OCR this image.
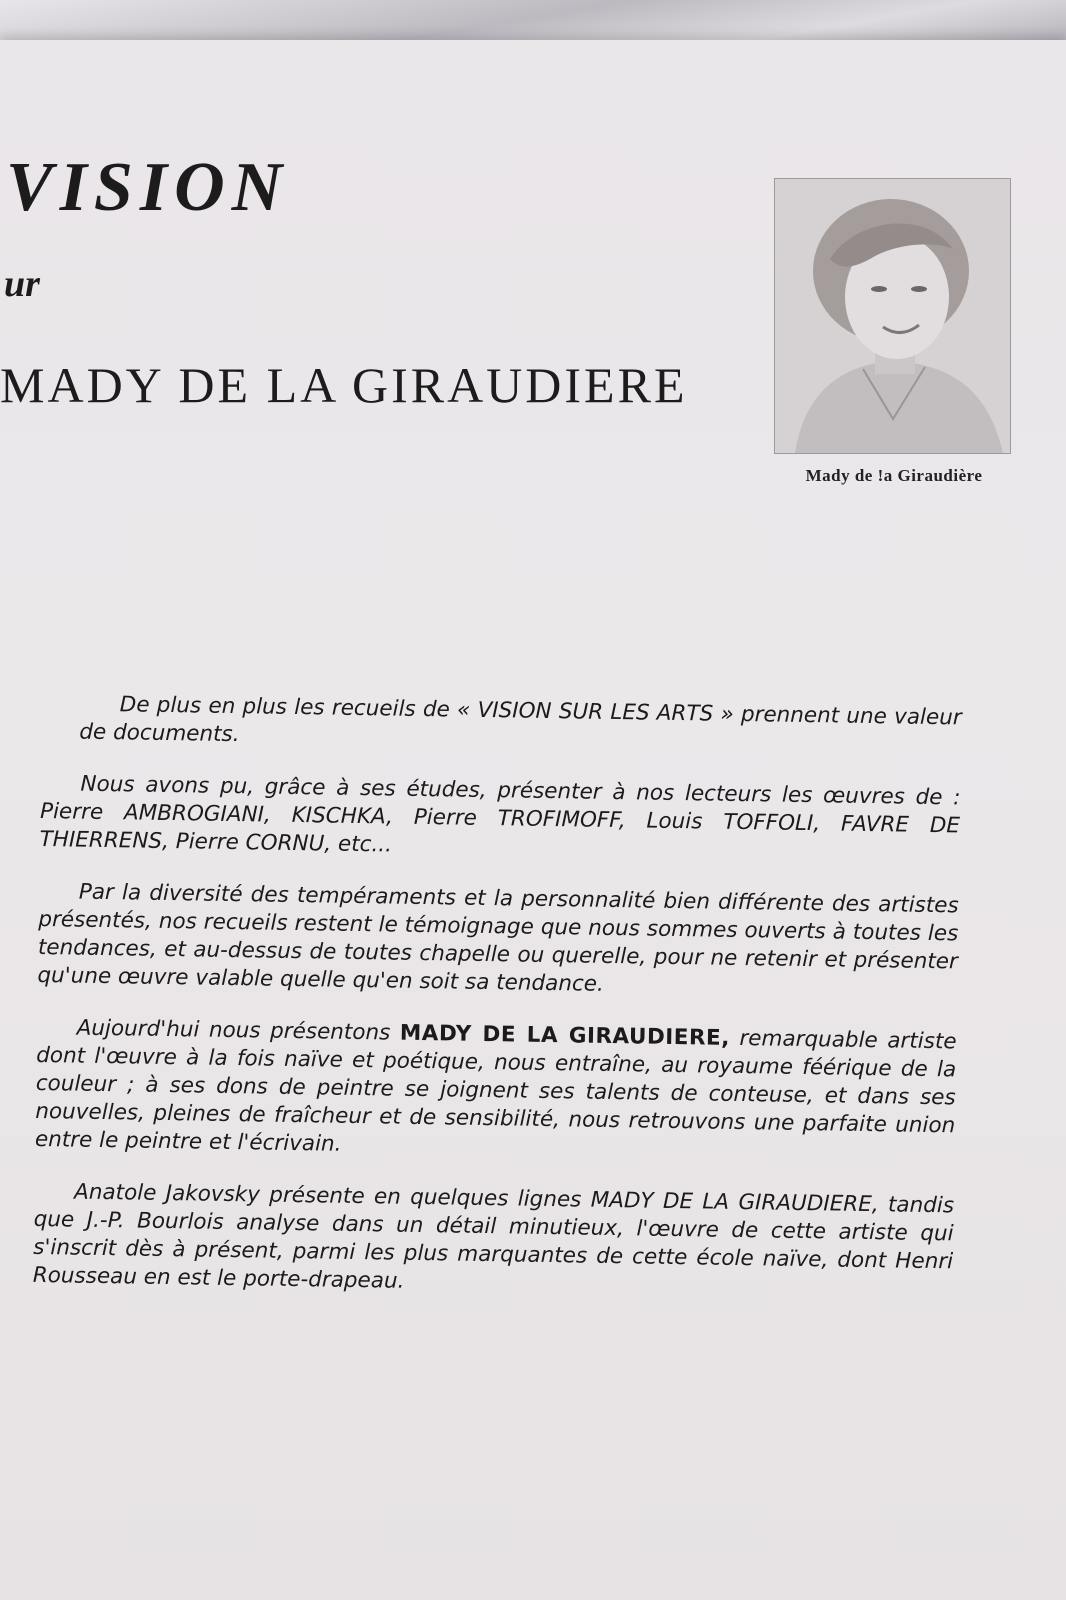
VISION
ur
MADY DE LA GIRAUDIERE
Mady de !a Giraudière

De plus en plus les recueils de « VISION SUR LES ARTS » prennent une valeur de documents.

Nous avons pu, grâce à ses études, présenter à nos lecteurs les œuvres de : Pierre AMBROGIANI, KISCHKA, Pierre TROFIMOFF, Louis TOFFOLI, FAVRE DE THIERRENS, Pierre CORNU, etc...

Par la diversité des tempéraments et la personnalité bien différente des artistes présentés, nos recueils restent le témoignage que nous sommes ouverts à toutes les tendances, et au-dessus de toutes chapelle ou querelle, pour ne retenir et présenter qu'une œuvre valable quelle qu'en soit sa tendance.

Aujourd'hui nous présentons MADY DE LA GIRAUDIERE, remarquable artiste dont l'œuvre à la fois naïve et poétique, nous entraîne, au royaume féérique de la couleur ; à ses dons de peintre se joignent ses talents de conteuse, et dans ses nouvelles, pleines de fraîcheur et de sensibilité, nous retrouvons une parfaite union entre le peintre et l'écrivain.

Anatole Jakovsky présente en quelques lignes MADY DE LA GIRAUDIERE, tandis que J.-P. Bourlois analyse dans un détail minutieux, l'œuvre de cette artiste qui s'inscrit dès à présent, parmi les plus marquantes de cette école naïve, dont Henri Rousseau en est le porte-drapeau.
